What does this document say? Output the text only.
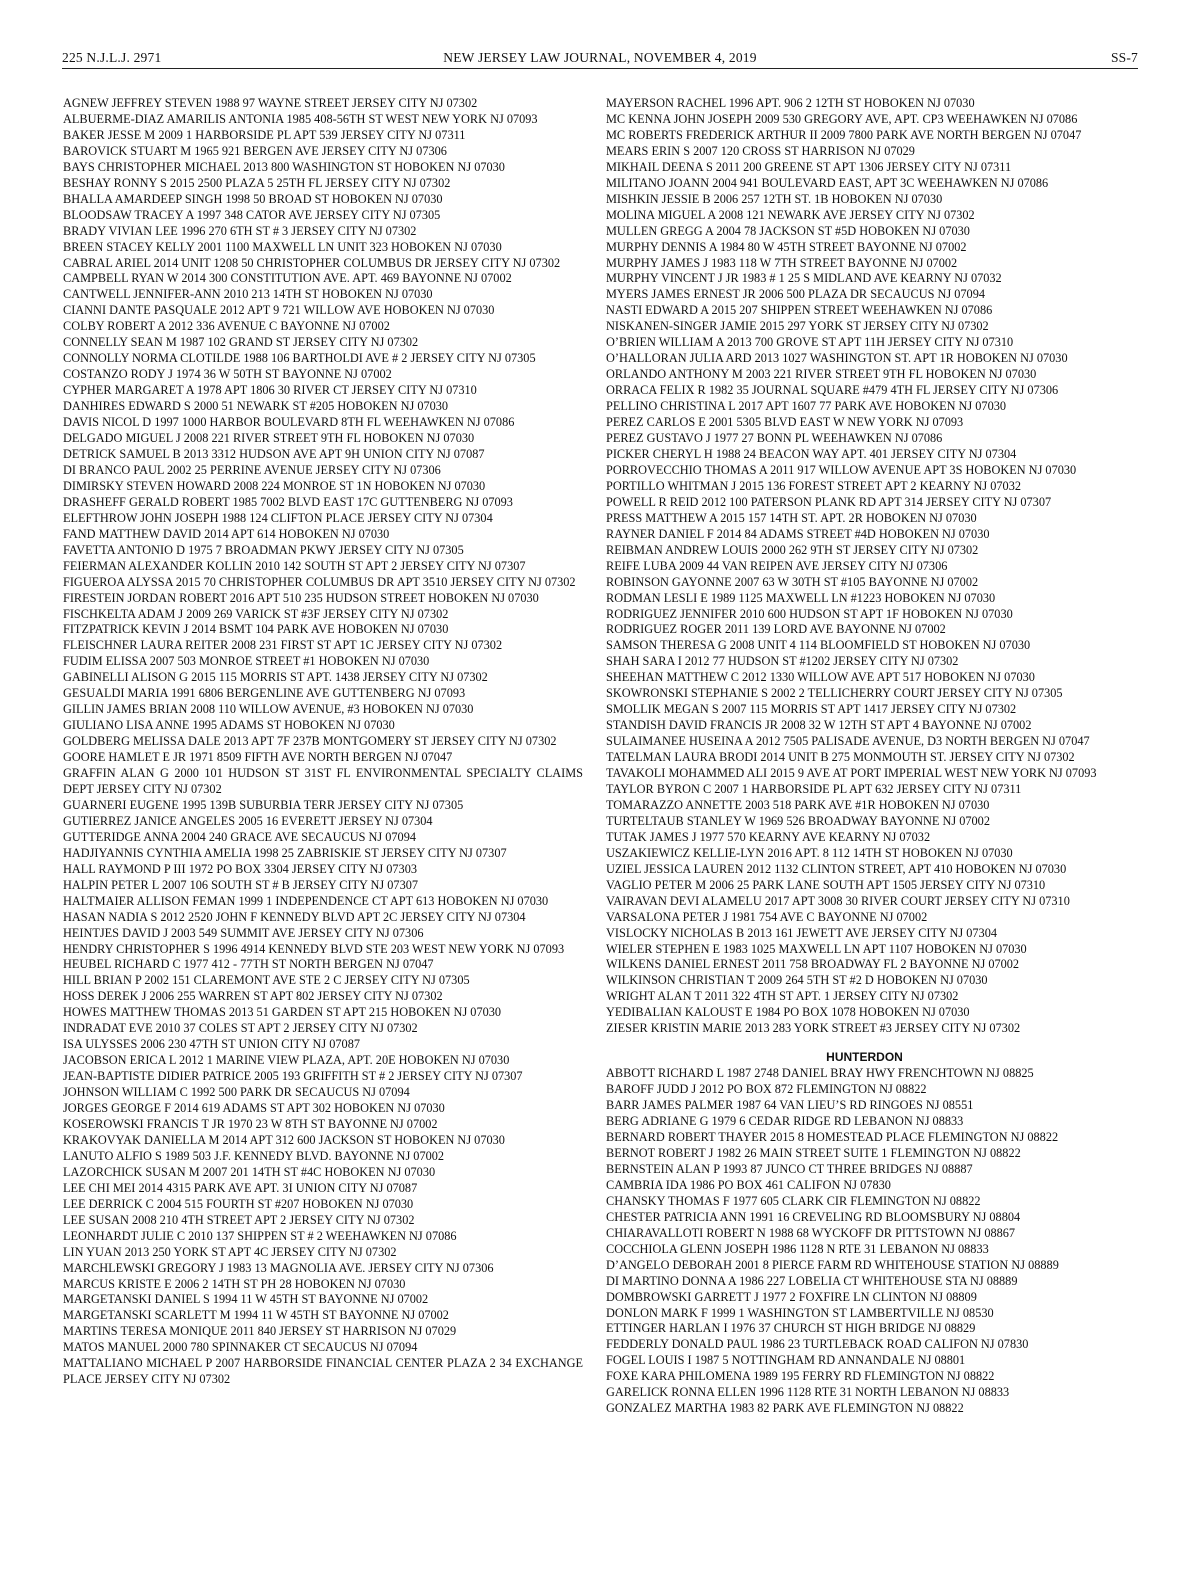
225 N.J.L.J. 2971	NEW JERSEY LAW JOURNAL, NOVEMBER 4, 2019	SS-7

AGNEW JEFFREY STEVEN 1988 97 WAYNE STREET JERSEY CITY NJ 07302

ALBUERME-DIAZ AMARILIS ANTONIA 1985 408-56TH ST WEST NEW YORK NJ 07093

BAKER JESSE M 2009 1 HARBORSIDE PL APT 539 JERSEY CITY NJ 07311

BAROVICK STUART M 1965 921 BERGEN AVE JERSEY CITY NJ 07306

BAYS CHRISTOPHER MICHAEL 2013 800 WASHINGTON ST HOBOKEN NJ 07030

BESHAY RONNY S 2015 2500 PLAZA 5 25TH FL JERSEY CITY NJ 07302

BHALLA AMARDEEP SINGH 1998 50 BROAD ST HOBOKEN NJ 07030

BLOODSAW TRACEY A 1997 348 CATOR AVE JERSEY CITY NJ 07305

BRADY VIVIAN LEE 1996 270 6TH ST # 3 JERSEY CITY NJ 07302

BREEN STACEY KELLY 2001 1100 MAXWELL LN UNIT 323 HOBOKEN NJ 07030

CABRAL ARIEL 2014 UNIT 1208 50 CHRISTOPHER COLUMBUS DR JERSEY CITY NJ 07302

CAMPBELL RYAN W 2014 300 CONSTITUTION AVE. APT. 469 BAYONNE NJ 07002

CANTWELL JENNIFER-ANN 2010 213 14TH ST HOBOKEN NJ 07030

CIANNI DANTE PASQUALE 2012 APT 9 721 WILLOW AVE HOBOKEN NJ 07030

COLBY ROBERT A 2012 336 AVENUE C BAYONNE NJ 07002

CONNELLY SEAN M 1987 102 GRAND ST JERSEY CITY NJ 07302

CONNOLLY NORMA CLOTILDE 1988 106 BARTHOLDI AVE # 2 JERSEY CITY NJ 07305

COSTANZO RODY J 1974 36 W 50TH ST BAYONNE NJ 07002

CYPHER MARGARET A 1978 APT 1806 30 RIVER CT JERSEY CITY NJ 07310

DANHIRES EDWARD S 2000 51 NEWARK ST #205 HOBOKEN NJ 07030

DAVIS NICOL D 1997 1000 HARBOR BOULEVARD 8TH FL WEEHAWKEN NJ 07086

DELGADO MIGUEL J 2008 221 RIVER STREET 9TH FL HOBOKEN NJ 07030

DETRICK SAMUEL B 2013 3312 HUDSON AVE APT 9H UNION CITY NJ 07087

DI BRANCO PAUL 2002 25 PERRINE AVENUE JERSEY CITY NJ 07306

DIMIRSKY STEVEN HOWARD 2008 224 MONROE ST 1N HOBOKEN NJ 07030

DRASHEFF GERALD ROBERT 1985 7002 BLVD EAST 17C GUTTENBERG NJ 07093

ELEFTHROW JOHN JOSEPH 1988 124 CLIFTON PLACE JERSEY CITY NJ 07304

FAND MATTHEW DAVID 2014 APT 614 HOBOKEN NJ 07030

FAVETTA ANTONIO D 1975 7 BROADMAN PKWY JERSEY CITY NJ 07305

FEIERMAN ALEXANDER KOLLIN 2010 142 SOUTH ST APT 2 JERSEY CITY NJ 07307

FIGUEROA ALYSSA 2015 70 CHRISTOPHER COLUMBUS DR APT 3510 JERSEY CITY NJ 07302

FIRESTEIN JORDAN ROBERT 2016 APT 510 235 HUDSON STREET HOBOKEN NJ 07030

FISCHKELTA ADAM J 2009 269 VARICK ST #3F JERSEY CITY NJ 07302

FITZPATRICK KEVIN J 2014 BSMT 104 PARK AVE HOBOKEN NJ 07030

FLEISCHNER LAURA REITER 2008 231 FIRST ST APT 1C JERSEY CITY NJ 07302

FUDIM ELISSA 2007 503 MONROE STREET #1 HOBOKEN NJ 07030

GABINELLI ALISON G 2015 115 MORRIS ST APT. 1438 JERSEY CITY NJ 07302

GESUALDI MARIA 1991 6806 BERGENLINE AVE GUTTENBERG NJ 07093

GILLIN JAMES BRIAN 2008 110 WILLOW AVENUE, #3 HOBOKEN NJ 07030

GIULIANO LISA ANNE 1995 ADAMS ST HOBOKEN NJ 07030

GOLDBERG MELISSA DALE 2013 APT 7F 237B MONTGOMERY ST JERSEY CITY NJ 07302

GOORE HAMLET E JR 1971 8509 FIFTH AVE NORTH BERGEN NJ 07047

GRAFFIN ALAN G 2000 101 HUDSON ST 31ST FL ENVIRONMENTAL SPECIALTY CLAIMS DEPT JERSEY CITY NJ 07302

GUARNERI EUGENE 1995 139B SUBURBIA TERR JERSEY CITY NJ 07305

GUTIERREZ JANICE ANGELES 2005 16 EVERETT JERSEY NJ 07304

GUTTERIDGE ANNA 2004 240 GRACE AVE SECAUCUS NJ 07094

HADJIYANNIS CYNTHIA AMELIA 1998 25 ZABRISKIE ST JERSEY CITY NJ 07307

HALL RAYMOND P III 1972 PO BOX 3304 JERSEY CITY NJ 07303

HALPIN PETER L 2007 106 SOUTH ST # B JERSEY CITY NJ 07307

HALTMAIER ALLISON FEMAN 1999 1 INDEPENDENCE CT APT 613 HOBOKEN NJ 07030

HASAN NADIA S 2012 2520 JOHN F KENNEDY BLVD APT 2C JERSEY CITY NJ 07304

HEINTJES DAVID J 2003 549 SUMMIT AVE JERSEY CITY NJ 07306

HENDRY CHRISTOPHER S 1996 4914 KENNEDY BLVD STE 203 WEST NEW YORK NJ 07093

HEUBEL RICHARD C 1977 412 - 77TH ST NORTH BERGEN NJ 07047

HILL BRIAN P 2002 151 CLAREMONT AVE STE 2 C JERSEY CITY NJ 07305

HOSS DEREK J 2006 255 WARREN ST APT 802 JERSEY CITY NJ 07302

HOWES MATTHEW THOMAS 2013 51 GARDEN ST APT 215 HOBOKEN NJ 07030

INDRADAT EVE 2010 37 COLES ST APT 2 JERSEY CITY NJ 07302

ISA ULYSSES 2006 230 47TH ST UNION CITY NJ 07087

JACOBSON ERICA L 2012 1 MARINE VIEW PLAZA, APT. 20E HOBOKEN NJ 07030

JEAN-BAPTISTE DIDIER PATRICE 2005 193 GRIFFITH ST # 2 JERSEY CITY NJ 07307

JOHNSON WILLIAM C 1992 500 PARK DR SECAUCUS NJ 07094

JORGES GEORGE F 2014 619 ADAMS ST APT 302 HOBOKEN NJ 07030

KOSEROWSKI FRANCIS T JR 1970 23 W 8TH ST BAYONNE NJ 07002

KRAKOVYAK DANIELLA M 2014 APT 312 600 JACKSON ST HOBOKEN NJ 07030

LANUTO ALFIO S 1989 503 J.F. KENNEDY BLVD. BAYONNE NJ 07002

LAZORCHICK SUSAN M 2007 201 14TH ST #4C HOBOKEN NJ 07030

LEE CHI MEI 2014 4315 PARK AVE APT. 3I UNION CITY NJ 07087

LEE DERRICK C 2004 515 FOURTH ST #207 HOBOKEN NJ 07030

LEE SUSAN 2008 210 4TH STREET APT 2 JERSEY CITY NJ 07302

LEONHARDT JULIE C 2010 137 SHIPPEN ST # 2 WEEHAWKEN NJ 07086

LIN YUAN 2013 250 YORK ST APT 4C JERSEY CITY NJ 07302

MARCHLEWSKI GREGORY J 1983 13 MAGNOLIA AVE. JERSEY CITY NJ 07306

MARCUS KRISTE E 2006 2 14TH ST PH 28 HOBOKEN NJ 07030

MARGETANSKI DANIEL S 1994 11 W 45TH ST BAYONNE NJ 07002

MARGETANSKI SCARLETT M 1994 11 W 45TH ST BAYONNE NJ 07002

MARTINS TERESA MONIQUE 2011 840 JERSEY ST HARRISON NJ 07029

MATOS MANUEL 2000 780 SPINNAKER CT SECAUCUS NJ 07094

MATTALIANO MICHAEL P 2007 HARBORSIDE FINANCIAL CENTER PLAZA 2 34 EXCHANGE PLACE JERSEY CITY NJ 07302

MAYERSON RACHEL 1996 APT. 906 2 12TH ST HOBOKEN NJ 07030

MC KENNA JOHN JOSEPH 2009 530 GREGORY AVE, APT. CP3 WEEHAWKEN NJ 07086

MC ROBERTS FREDERICK ARTHUR II 2009 7800 PARK AVE NORTH BERGEN NJ 07047

MEARS ERIN S 2007 120 CROSS ST HARRISON NJ 07029

MIKHAIL DEENA S 2011 200 GREENE ST APT 1306 JERSEY CITY NJ 07311

MILITANO JOANN 2004 941 BOULEVARD EAST, APT 3C WEEHAWKEN NJ 07086

MISHKIN JESSIE B 2006 257 12TH ST. 1B HOBOKEN NJ 07030

MOLINA MIGUEL A 2008 121 NEWARK AVE JERSEY CITY NJ 07302

MULLEN GREGG A 2004 78 JACKSON ST #5D HOBOKEN NJ 07030

MURPHY DENNIS A 1984 80 W 45TH STREET BAYONNE NJ 07002

MURPHY JAMES J 1983 118 W 7TH STREET BAYONNE NJ 07002

MURPHY VINCENT J JR 1983 # 1 25 S MIDLAND AVE KEARNY NJ 07032

MYERS JAMES ERNEST JR 2006 500 PLAZA DR SECAUCUS NJ 07094

NASTI EDWARD A 2015 207 SHIPPEN STREET WEEHAWKEN NJ 07086

NISKANEN-SINGER JAMIE 2015 297 YORK ST JERSEY CITY NJ 07302

O’BRIEN WILLIAM A 2013 700 GROVE ST APT 11H JERSEY CITY NJ 07310

O’HALLORAN JULIA ARD 2013 1027 WASHINGTON ST. APT 1R HOBOKEN NJ 07030

ORLANDO ANTHONY M 2003 221 RIVER STREET 9TH FL HOBOKEN NJ 07030

ORRACA FELIX R 1982 35 JOURNAL SQUARE #479 4TH FL JERSEY CITY NJ 07306

PELLINO CHRISTINA L 2017 APT 1607 77 PARK AVE HOBOKEN NJ 07030

PEREZ CARLOS E 2001 5305 BLVD EAST W NEW YORK NJ 07093

PEREZ GUSTAVO J 1977 27 BONN PL WEEHAWKEN NJ 07086

PICKER CHERYL H 1988 24 BEACON WAY APT. 401 JERSEY CITY NJ 07304

PORROVECCHIO THOMAS A 2011 917 WILLOW AVENUE APT 3S HOBOKEN NJ 07030

PORTILLO WHITMAN J 2015 136 FOREST STREET APT 2 KEARNY NJ 07032

POWELL R REID 2012 100 PATERSON PLANK RD APT 314 JERSEY CITY NJ 07307

PRESS MATTHEW A 2015 157 14TH ST. APT. 2R HOBOKEN NJ 07030

RAYNER DANIEL F 2014 84 ADAMS STREET #4D HOBOKEN NJ 07030

REIBMAN ANDREW LOUIS 2000 262 9TH ST JERSEY CITY NJ 07302

REIFE LUBA 2009 44 VAN REIPEN AVE JERSEY CITY NJ 07306

ROBINSON GAYONNE 2007 63 W 30TH ST #105 BAYONNE NJ 07002

RODMAN LESLI E 1989 1125 MAXWELL LN #1223 HOBOKEN NJ 07030

RODRIGUEZ JENNIFER 2010 600 HUDSON ST APT 1F HOBOKEN NJ 07030

RODRIGUEZ ROGER 2011 139 LORD AVE BAYONNE NJ 07002

SAMSON THERESA G 2008 UNIT 4 114 BLOOMFIELD ST HOBOKEN NJ 07030

SHAH SARA I 2012 77 HUDSON ST #1202 JERSEY CITY NJ 07302

SHEEHAN MATTHEW C 2012 1330 WILLOW AVE APT 517 HOBOKEN NJ 07030

SKOWRONSKI STEPHANIE S 2002 2 TELLICHERRY COURT JERSEY CITY NJ 07305

SMOLLIK MEGAN S 2007 115 MORRIS ST APT 1417 JERSEY CITY NJ 07302

STANDISH DAVID FRANCIS JR 2008 32 W 12TH ST APT 4 BAYONNE NJ 07002

SULAIMANEE HUSEINA A 2012 7505 PALISADE AVENUE, D3 NORTH BERGEN NJ 07047

TATELMAN LAURA BRODI 2014 UNIT B 275 MONMOUTH ST. JERSEY CITY NJ 07302

TAVAKOLI MOHAMMED ALI 2015 9 AVE AT PORT IMPERIAL WEST NEW YORK NJ 07093

TAYLOR BYRON C 2007 1 HARBORSIDE PL APT 632 JERSEY CITY NJ 07311

TOMARAZZO ANNETTE 2003 518 PARK AVE #1R HOBOKEN NJ 07030

TURTELTAUB STANLEY W 1969 526 BROADWAY BAYONNE NJ 07002

TUTAK JAMES J 1977 570 KEARNY AVE KEARNY NJ 07032

USZAKIEWICZ KELLIE-LYN 2016 APT. 8 112 14TH ST HOBOKEN NJ 07030

UZIEL JESSICA LAUREN 2012 1132 CLINTON STREET, APT 410 HOBOKEN NJ 07030

VAGLIO PETER M 2006 25 PARK LANE SOUTH APT 1505 JERSEY CITY NJ 07310

VAIRAVAN DEVI ALAMELU 2017 APT 3008 30 RIVER COURT JERSEY CITY NJ 07310

VARSALONA PETER J 1981 754 AVE C BAYONNE NJ 07002

VISLOCKY NICHOLAS B 2013 161 JEWETT AVE JERSEY CITY NJ 07304

WIELER STEPHEN E 1983 1025 MAXWELL LN APT 1107 HOBOKEN NJ 07030

WILKENS DANIEL ERNEST 2011 758 BROADWAY FL 2 BAYONNE NJ 07002

WILKINSON CHRISTIAN T 2009 264 5TH ST #2 D HOBOKEN NJ 07030

WRIGHT ALAN T 2011 322 4TH ST APT. 1 JERSEY CITY NJ 07302

YEDIBALIAN KALOUST E 1984 PO BOX 1078 HOBOKEN NJ 07030

ZIESER KRISTIN MARIE 2013 283 YORK STREET #3 JERSEY CITY NJ 07302

HUNTERDON

ABBOTT RICHARD L 1987 2748 DANIEL BRAY HWY FRENCHTOWN NJ 08825

BAROFF JUDD J 2012 PO BOX 872 FLEMINGTON NJ 08822

BARR JAMES PALMER 1987 64 VAN LIEU’S RD RINGOES NJ 08551

BERG ADRIANE G 1979 6 CEDAR RIDGE RD LEBANON NJ 08833

BERNARD ROBERT THAYER 2015 8 HOMESTEAD PLACE FLEMINGTON NJ 08822

BERNOT ROBERT J 1982 26 MAIN STREET SUITE 1 FLEMINGTON NJ 08822

BERNSTEIN ALAN P 1993 87 JUNCO CT THREE BRIDGES NJ 08887

CAMBRIA IDA 1986 PO BOX 461 CALIFON NJ 07830

CHANSKY THOMAS F 1977 605 CLARK CIR FLEMINGTON NJ 08822

CHESTER PATRICIA ANN 1991 16 CREVELING RD BLOOMSBURY NJ 08804

CHIARAVALLOTI ROBERT N 1988 68 WYCKOFF DR PITTSTOWN NJ 08867

COCCHIOLA GLENN JOSEPH 1986 1128 N RTE 31 LEBANON NJ 08833

D’ANGELO DEBORAH 2001 8 PIERCE FARM RD WHITEHOUSE STATION NJ 08889

DI MARTINO DONNA A 1986 227 LOBELIA CT WHITEHOUSE STA NJ 08889

DOMBROWSKI GARRETT J 1977 2 FOXFIRE LN CLINTON NJ 08809

DONLON MARK F 1999 1 WASHINGTON ST LAMBERTVILLE NJ 08530

ETTINGER HARLAN I 1976 37 CHURCH ST HIGH BRIDGE NJ 08829

FEDDERLY DONALD PAUL 1986 23 TURTLEBACK ROAD CALIFON NJ 07830

FOGEL LOUIS I 1987 5 NOTTINGHAM RD ANNANDALE NJ 08801

FOXE KARA PHILOMENA 1989 195 FERRY RD FLEMINGTON NJ 08822

GARELICK RONNA ELLEN 1996 1128 RTE 31 NORTH LEBANON NJ 08833

GONZALEZ MARTHA 1983 82 PARK AVE FLEMINGTON NJ 08822
